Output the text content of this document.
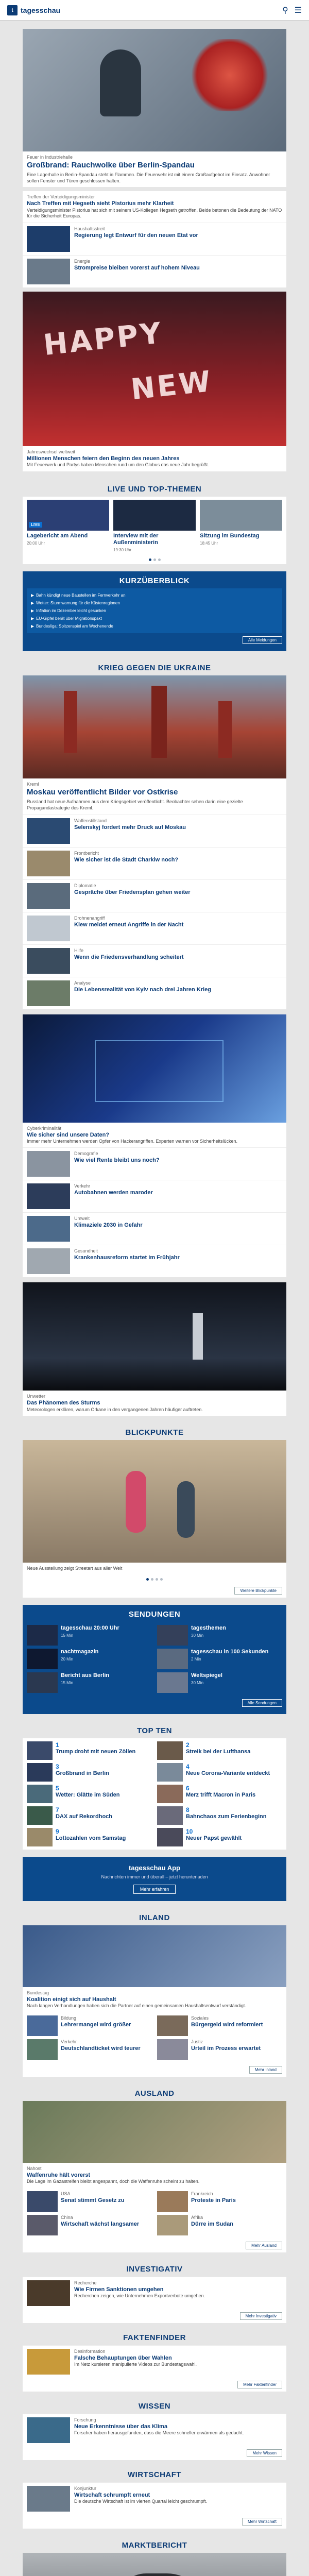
t	tagesschau	⚲ ☰
Feuer in Industriehalle
Großbrand: Rauchwolke über Berlin-Spandau
Eine Lagerhalle in Berlin-Spandau steht in Flammen. Die Feuerwehr ist mit einem Großaufgebot im Einsatz. Anwohner sollen Fenster und Türen geschlossen halten.
Treffen der Verteidigungsminister
Nach Treffen mit Hegseth sieht Pistorius mehr Klarheit
Verteidigungsminister Pistorius hat sich mit seinem US-Kollegen Hegseth getroffen. Beide betonen die Bedeutung der NATO für die Sicherheit Europas.
Haushaltsstreit
Regierung legt Entwurf für den neuen Etat vor
Energie
Strompreise bleiben vorerst auf hohem Niveau
HAPPY
NEW
Jahreswechsel weltweit
Millionen Menschen feiern den Beginn des neuen Jahres
Mit Feuerwerk und Partys haben Menschen rund um den Globus das neue Jahr begrüßt.
LIVE UND TOP-THEMEN
LIVE
Lagebericht am Abend
20:00 Uhr
Interview mit der Außenministerin
19:30 Uhr
Sitzung im Bundestag
18:45 Uhr
KURZÜBERBLICK
▶ Bahn kündigt neue Baustellen im Fernverkehr an
▶ Wetter: Sturmwarnung für die Küstenregionen
▶ Inflation im Dezember leicht gesunken
▶ EU-Gipfel berät über Migrationspakt
▶ Bundesliga: Spitzenspiel am Wochenende
Alle Meldungen
KRIEG GEGEN DIE UKRAINE
Kreml
Moskau veröffentlicht Bilder vor Ostkrise
Russland hat neue Aufnahmen aus dem Kriegsgebiet veröffentlicht. Beobachter sehen darin eine gezielte Propagandastrategie des Kreml.
Waffenstillstand
Selenskyj fordert mehr Druck auf Moskau
Frontbericht
Wie sicher ist die Stadt Charkiw noch?
Diplomatie
Gespräche über Friedensplan gehen weiter
Drohnenangriff
Kiew meldet erneut Angriffe in der Nacht
Hilfe
Wenn die Friedensverhandlung scheitert
Analyse
Die Lebensrealität von Kyiv nach drei Jahren Krieg
Cyberkriminalität
Wie sicher sind unsere Daten?
Immer mehr Unternehmen werden Opfer von Hackerangriffen. Experten warnen vor Sicherheitslücken.
Demografie
Wie viel Rente bleibt uns noch?
Verkehr
Autobahnen werden maroder
Umwelt
Klimaziele 2030 in Gefahr
Gesundheit
Krankenhausreform startet im Frühjahr
Unwetter
Das Phänomen des Sturms
Meteorologen erklären, warum Orkane in den vergangenen Jahren häufiger auftreten.
BLICKPUNKTE
Neue Ausstellung zeigt Streetart aus aller Welt
Weitere Blickpunkte
SENDUNGEN
tagesschau 20:00 Uhr
15 Min
tagesthemen
30 Min
nachtmagazin
20 Min
tagesschau in 100 Sekunden
2 Min
Bericht aus Berlin
15 Min
Weltspiegel
30 Min
Alle Sendungen
TOP TEN
1
Trump droht mit neuen Zöllen
2
Streik bei der Lufthansa
3
Großbrand in Berlin
4
Neue Corona-Variante entdeckt
5
Wetter: Glätte im Süden
6
Merz trifft Macron in Paris
7
DAX auf Rekordhoch
8
Bahnchaos zum Ferienbeginn
9
Lottozahlen vom Samstag
10
Neuer Papst gewählt
tagesschau App
Nachrichten immer und überall – jetzt herunterladen
Mehr erfahren
INLAND
Bundestag
Koalition einigt sich auf Haushalt
Nach langen Verhandlungen haben sich die Partner auf einen gemeinsamen Haushaltsentwurf verständigt.
Bildung
Lehrermangel wird größer
Soziales
Bürgergeld wird reformiert
Verkehr
Deutschlandticket wird teurer
Justiz
Urteil im Prozess erwartet
Mehr Inland
AUSLAND
Nahost
Waffenruhe hält vorerst
Die Lage im Gazastreifen bleibt angespannt, doch die Waffenruhe scheint zu halten.
USA
Senat stimmt Gesetz zu
Frankreich
Proteste in Paris
China
Wirtschaft wächst langsamer
Afrika
Dürre im Sudan
Mehr Ausland
INVESTIGATIV
Recherche
Wie Firmen Sanktionen umgehen
Recherchen zeigen, wie Unternehmen Exportverbote umgehen.
Mehr Investigativ
FAKTENFINDER
Desinformation
Falsche Behauptungen über Wahlen
Im Netz kursieren manipulierte Videos zur Bundestagswahl.
Mehr Faktenfinder
WISSEN
Forschung
Neue Erkenntnisse über das Klima
Forscher haben herausgefunden, dass die Meere schneller erwärmen als gedacht.
Mehr Wissen
WIRTSCHAFT
Konjunktur
Wirtschaft schrumpft erneut
Die deutsche Wirtschaft ist im vierten Quartal leicht geschrumpft.
Mehr Wirtschaft
MARKTBERICHT
